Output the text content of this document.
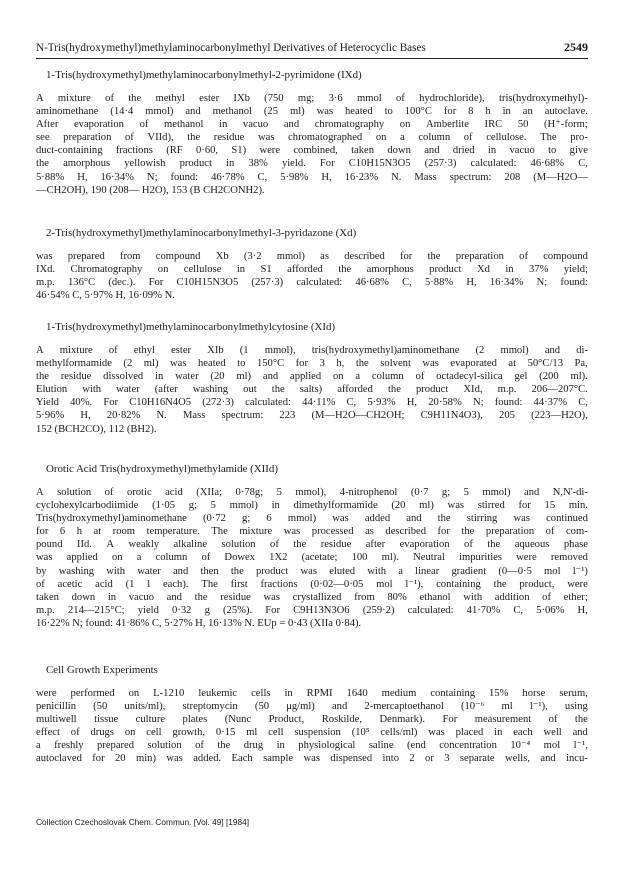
N-Tris(hydroxymethyl)methylaminocarbonylmethyl Derivatives of Heterocyclic Bases	2549
1-Tris(hydroxymethyl)methylaminocarbonylmethyl-2-pyrimidone (IXd)
A mixture of the methyl ester IXb (750 mg; 3·6 mmol of hydrochloride), tris(hydroxymethyl)-
aminomethane (14·4 mmol) and methanol (25 ml) was heated to 100°C for 8 h in an autoclave.
After evaporation of methanol in vacuo and chromatography on Amberlite IRC 50 (H⁺-form;
see preparation of VIId), the residue was chromatographed on a column of cellulose. The pro-
duct-containing fractions (RF 0·60, S1) were combined, taken down and dried in vacuo to give
the amorphous yellowish product in 38% yield. For C10H15N3O5 (257·3) calculated: 46·68% C,
5·88% H, 16·34% N; found: 46·78% C, 5·98% H, 16·23% N. Mass spectrum: 208 (M—H2O—
—CH2OH), 190 (208— H2O), 153 (B CH2CONH2).
2-Tris(hydroxymethyl)methylaminocarbonylmethyl-3-pyridazone (Xd)
was prepared from compound Xb (3·2 mmol) as described for the preparation of compound
IXd. Chromatography on cellulose in S1 afforded the amorphous product Xd in 37% yield;
m.p. 136°C (dec.). For C10H15N3O5 (257·3) calculated: 46·68% C, 5·88% H, 16·34% N; found:
46·54% C, 5·97% H, 16·09% N.
1-Tris(hydroxymethyl)methylaminocarbonylmethylcytosine (XId)
A mixture of ethyl ester XIb (1 mmol), tris(hydroxymethyl)aminomethane (2 mmol) and di-
methylformamide (2 ml) was heated to 150°C for 3 h, the solvent was evaporated at 50°C/13 Pa,
the residue dissolved in water (20 ml) and applied on a column of octadecyl-silica gel (200 ml).
Elution with water (after washing out the salts) afforded the product XId, m.p. 206—207°C.
Yield 40%. For C10H16N4O5 (272·3) calculated: 44·11% C, 5·93% H, 20·58% N; found: 44·37% C,
5·96% H, 20·82% N. Mass spectrum: 223 (M—H2O—CH2OH; C9H11N4O3), 205 (223—H2O),
152 (BCH2CO), 112 (BH2).
Orotic Acid Tris(hydroxymethyl)methylamide (XIId)
A solution of orotic acid (XIIa; 0·78g; 5 mmol), 4-nitrophenol (0·7 g; 5 mmol) and N,N'-di-
cyclohexylcarbodiimide (1·05 g; 5 mmol) in dimethylformamide (20 ml) was stirred for 15 min.
Tris(hydroxymethyl)aminomethane (0·72 g; 6 mmol) was added and the stirring was continued
for 6 h at room temperature. The mixture was processed as described for the preparation of com-
pound IId. A weakly alkaline solution of the residue after evaporation of the aqueous phase
was applied on a column of Dowex 1X2 (acetate; 100 ml). Neutral impurities were removed
by washing with water and then the product was eluted with a linear gradient (0—0·5 mol l⁻¹)
of acetic acid (1 l each). The first fractions (0·02—0·05 mol l⁻¹), containing the product, were
taken down in vacuo and the residue was crystallized from 80% ethanol with addition of ether;
m.p. 214—215°C; yield 0·32 g (25%). For C9H13N3O6 (259·2) calculated: 41·70% C, 5·06% H,
16·22% N; found: 41·86% C, 5·27% H, 16·13% N. EUp = 0·43 (XIIa 0·84).
Cell Growth Experiments
were performed on L-1210 leukemic cells in RPMI 1640 medium containing 15% horse serum,
penicillin (50 units/ml), streptomycin (50 μg/ml) and 2-mercaptoethanol (10⁻⁶ ml l⁻¹), using
multiwell tissue culture plates (Nunc Product, Roskilde, Denmark). For measurement of the
effect of drugs on cell growth, 0·15 ml cell suspension (10⁵ cells/ml) was placed in each well and
a freshly prepared solution of the drug in physiological saline (end concentration 10⁻⁴ mol l⁻¹,
autoclaved for 20 min) was added. Each sample was dispensed into 2 or 3 separate wells, and incu-
Collection Czechoslovak Chem. Commun. [Vol. 49] [1984]
